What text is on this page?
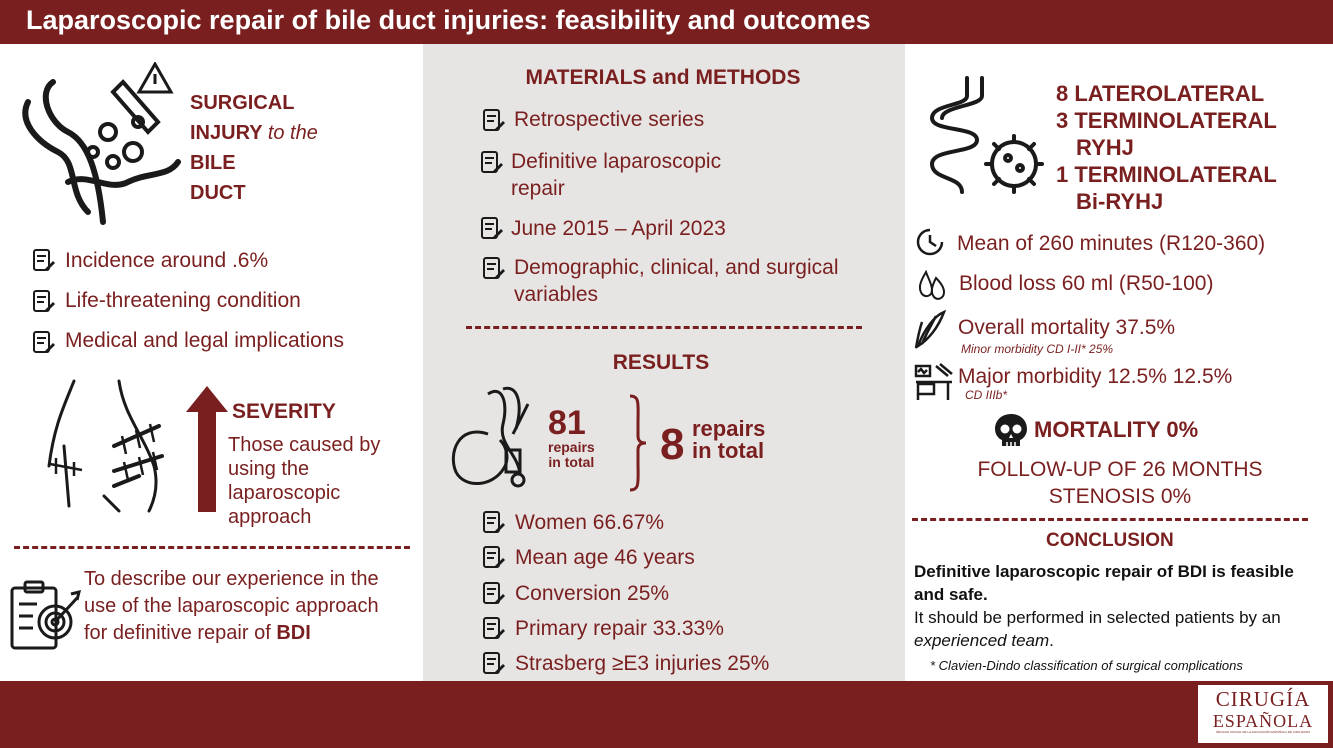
Laparoscopic repair of bile duct injuries: feasibility and outcomes
SURGICAL
INJURY to the
BILE
DUCT
Incidence around .6%
Life-threatening condition
Medical and legal implications
SEVERITY
Those caused by using the laparoscopic approach
To describe our experience in the use of the laparoscopic approach for definitive repair of BDI
MATERIALS and METHODS
Retrospective series
Definitive laparoscopic
repair
June 2015 – April 2023
Demographic, clinical, and surgical
variables
RESULTS
81
repairs
in total 8 repairs
in total
Women 66.67%
Mean age 46 years
Conversion 25%
Primary repair 33.33%
Strasberg ≥E3 injuries 25%
8 LATEROLATERAL
3 TERMINOLATERAL
RYHJ
1 TERMINOLATERAL
Bi-RYHJ
Mean of 260 minutes (R120-360)
Blood loss 60 ml (R50-100)
Overall mortality 37.5%
Minor morbidity CD I-II* 25%
Major morbidity 12.5% 12.5%
CD IIIb*
MORTALITY 0%
FOLLOW-UP OF 26 MONTHS
STENOSIS 0%
CONCLUSION
Definitive laparoscopic repair of BDI is feasible and safe.
It should be performed in selected patients by an experienced team.
* Clavien-Dindo classification of surgical complications
CIRUGÍA
ESPAÑOLA
ÓRGANO OFICIAL DE LA ASOCIACIÓN ESPAÑOLA DE CIRUJANOS
